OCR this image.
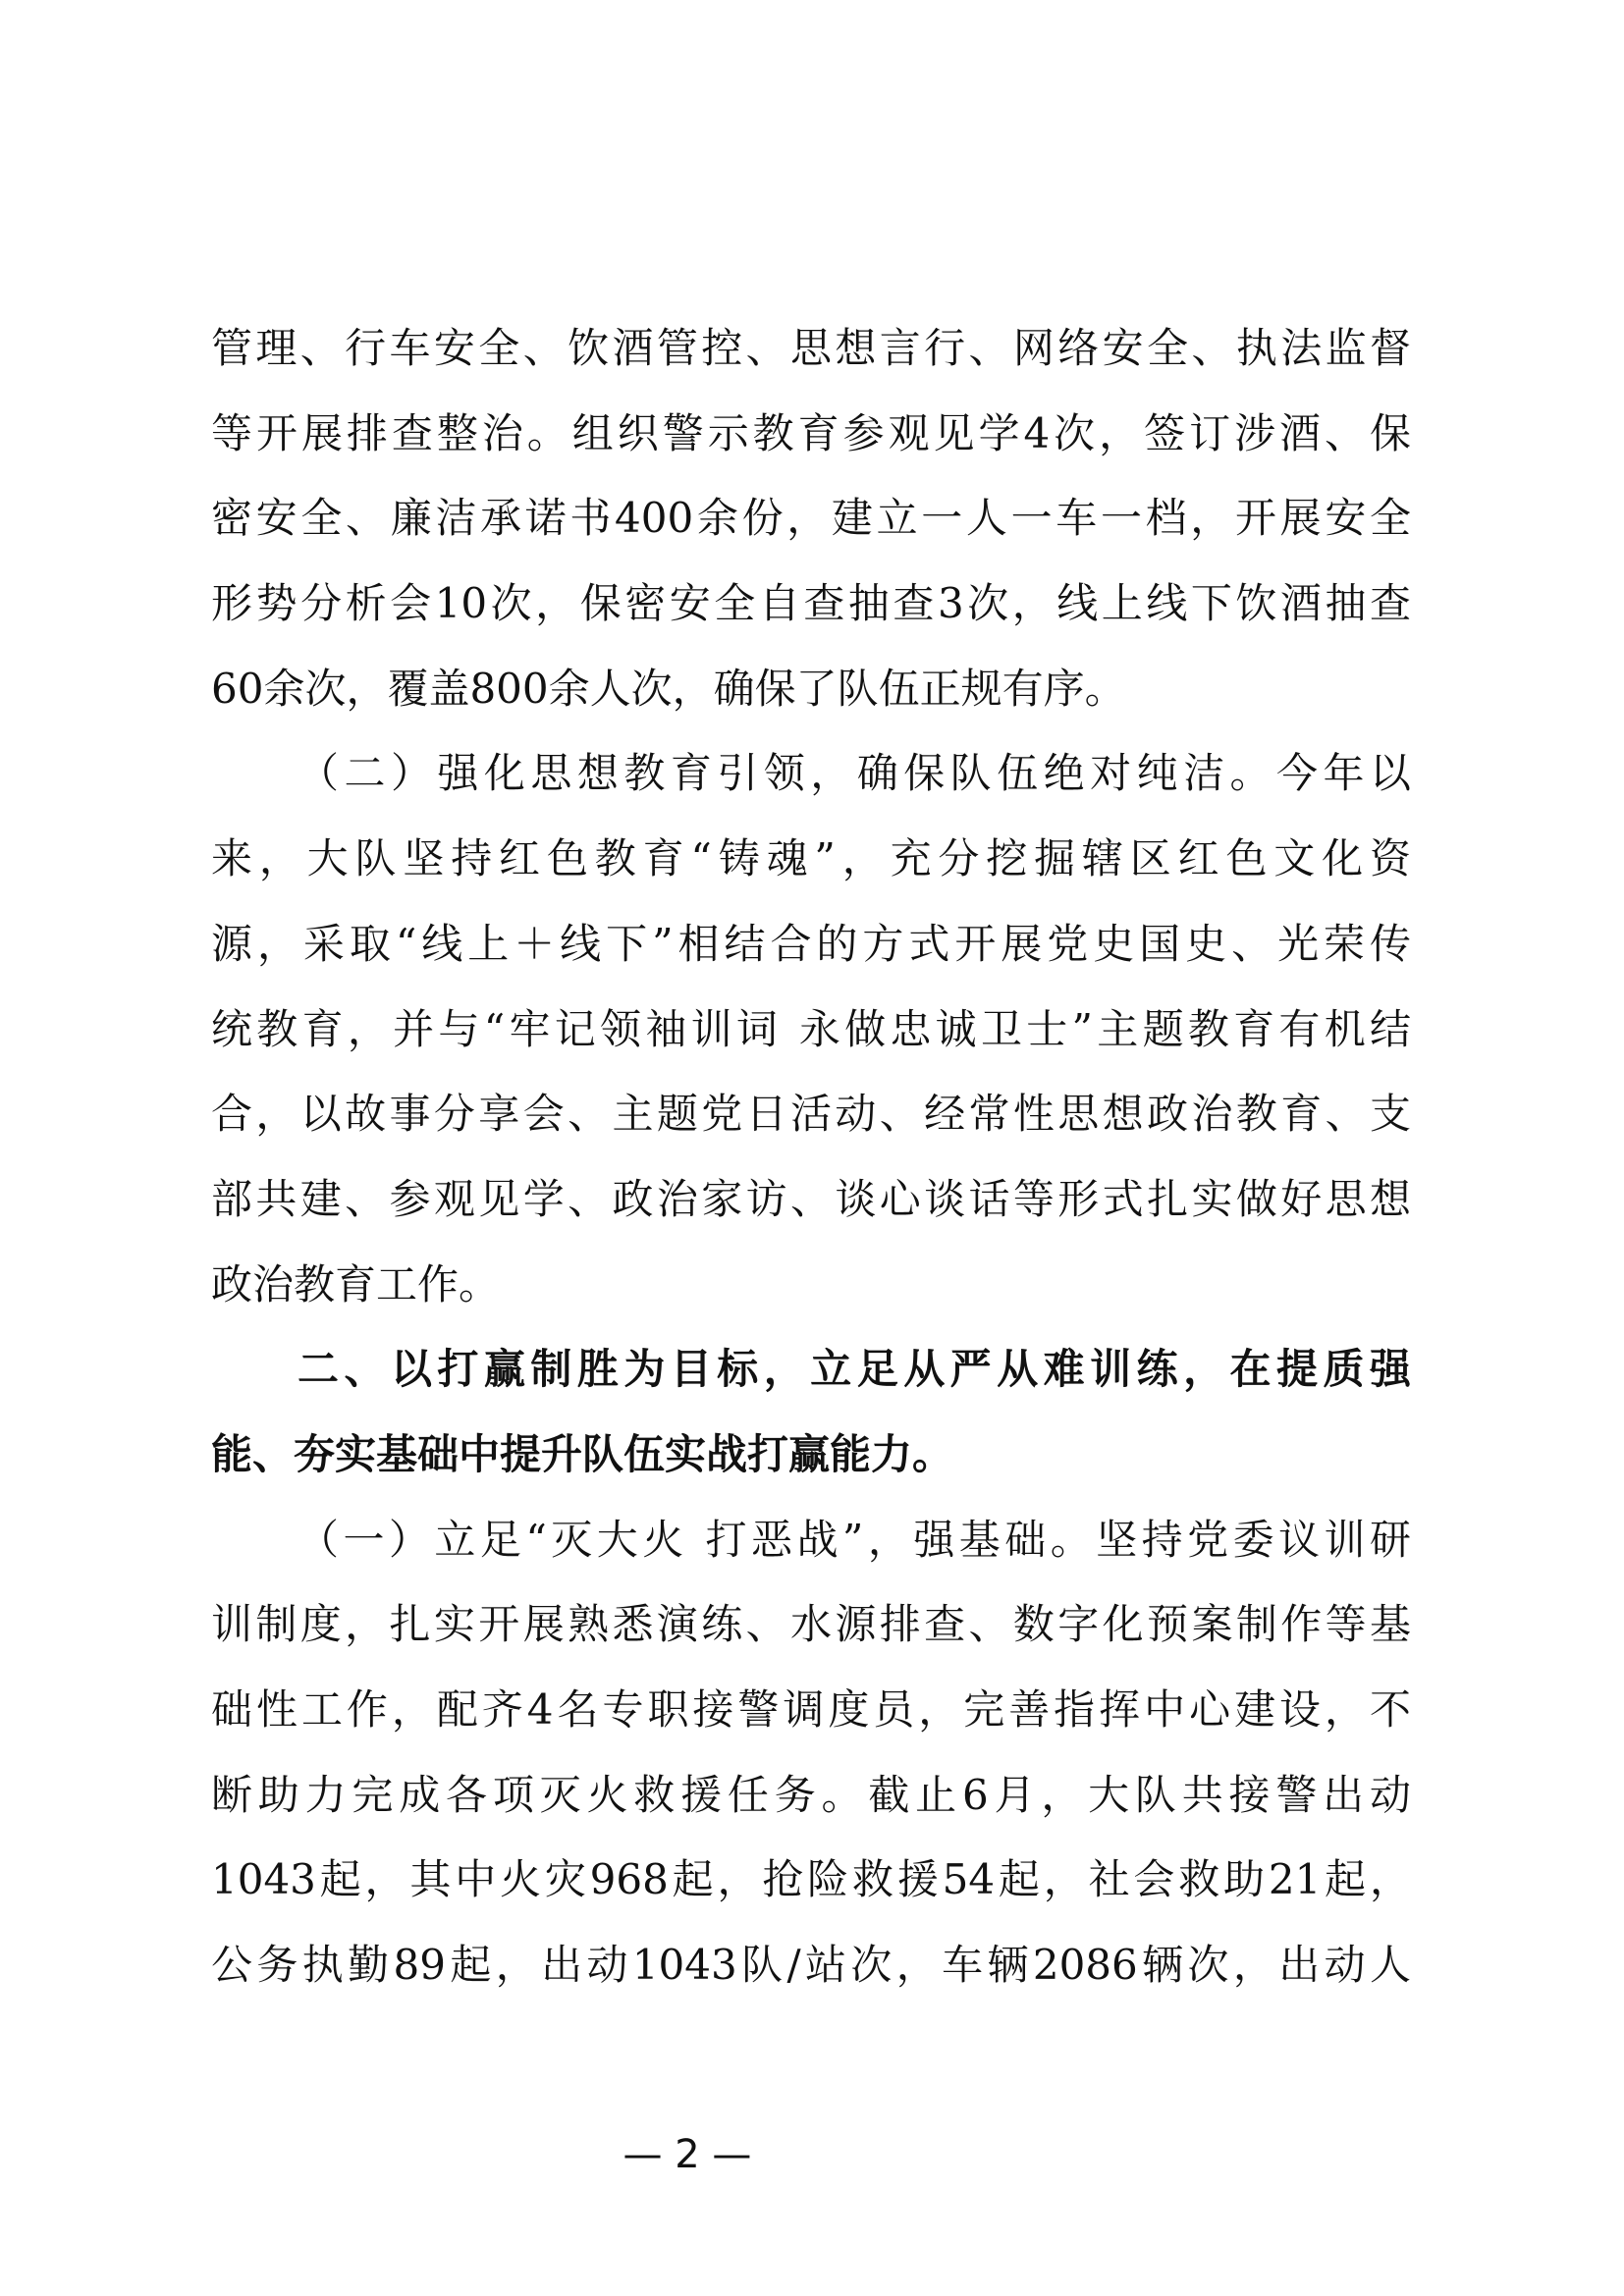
管理、行车安全、饮酒管控、思想言行、网络安全、执法监督
等开展排查整治。组织警示教育参观见学4次，签订涉酒、保
密安全、廉洁承诺书400余份，建立一人一车一档，开展安全
形势分析会10次，保密安全自查抽查3次，线上线下饮酒抽查
60余次，覆盖800余人次，确保了队伍正规有序。
（二）强化思想教育引领，确保队伍绝对纯洁。今年以
来，大队坚持红色教育“铸魂”，充分挖掘辖区红色文化资
源，采取“线上＋线下”相结合的方式开展党史国史、光荣传
统教育，并与“牢记领袖训词 永做忠诚卫士”主题教育有机结
合，以故事分享会、主题党日活动、经常性思想政治教育、支
部共建、参观见学、政治家访、谈心谈话等形式扎实做好思想
政治教育工作。
二、以打赢制胜为目标，立足从严从难训练，在提质强
能、夯实基础中提升队伍实战打赢能力。
（一）立足“灭大火 打恶战”，强基础。坚持党委议训研
训制度，扎实开展熟悉演练、水源排查、数字化预案制作等基
础性工作，配齐4名专职接警调度员，完善指挥中心建设，不
断助力完成各项灭火救援任务。截止6月，大队共接警出动
1043起，其中火灾968起，抢险救援54起，社会救助21起，
公务执勤89起，出动1043队/站次，车辆2086辆次，出动人
— 2 —
